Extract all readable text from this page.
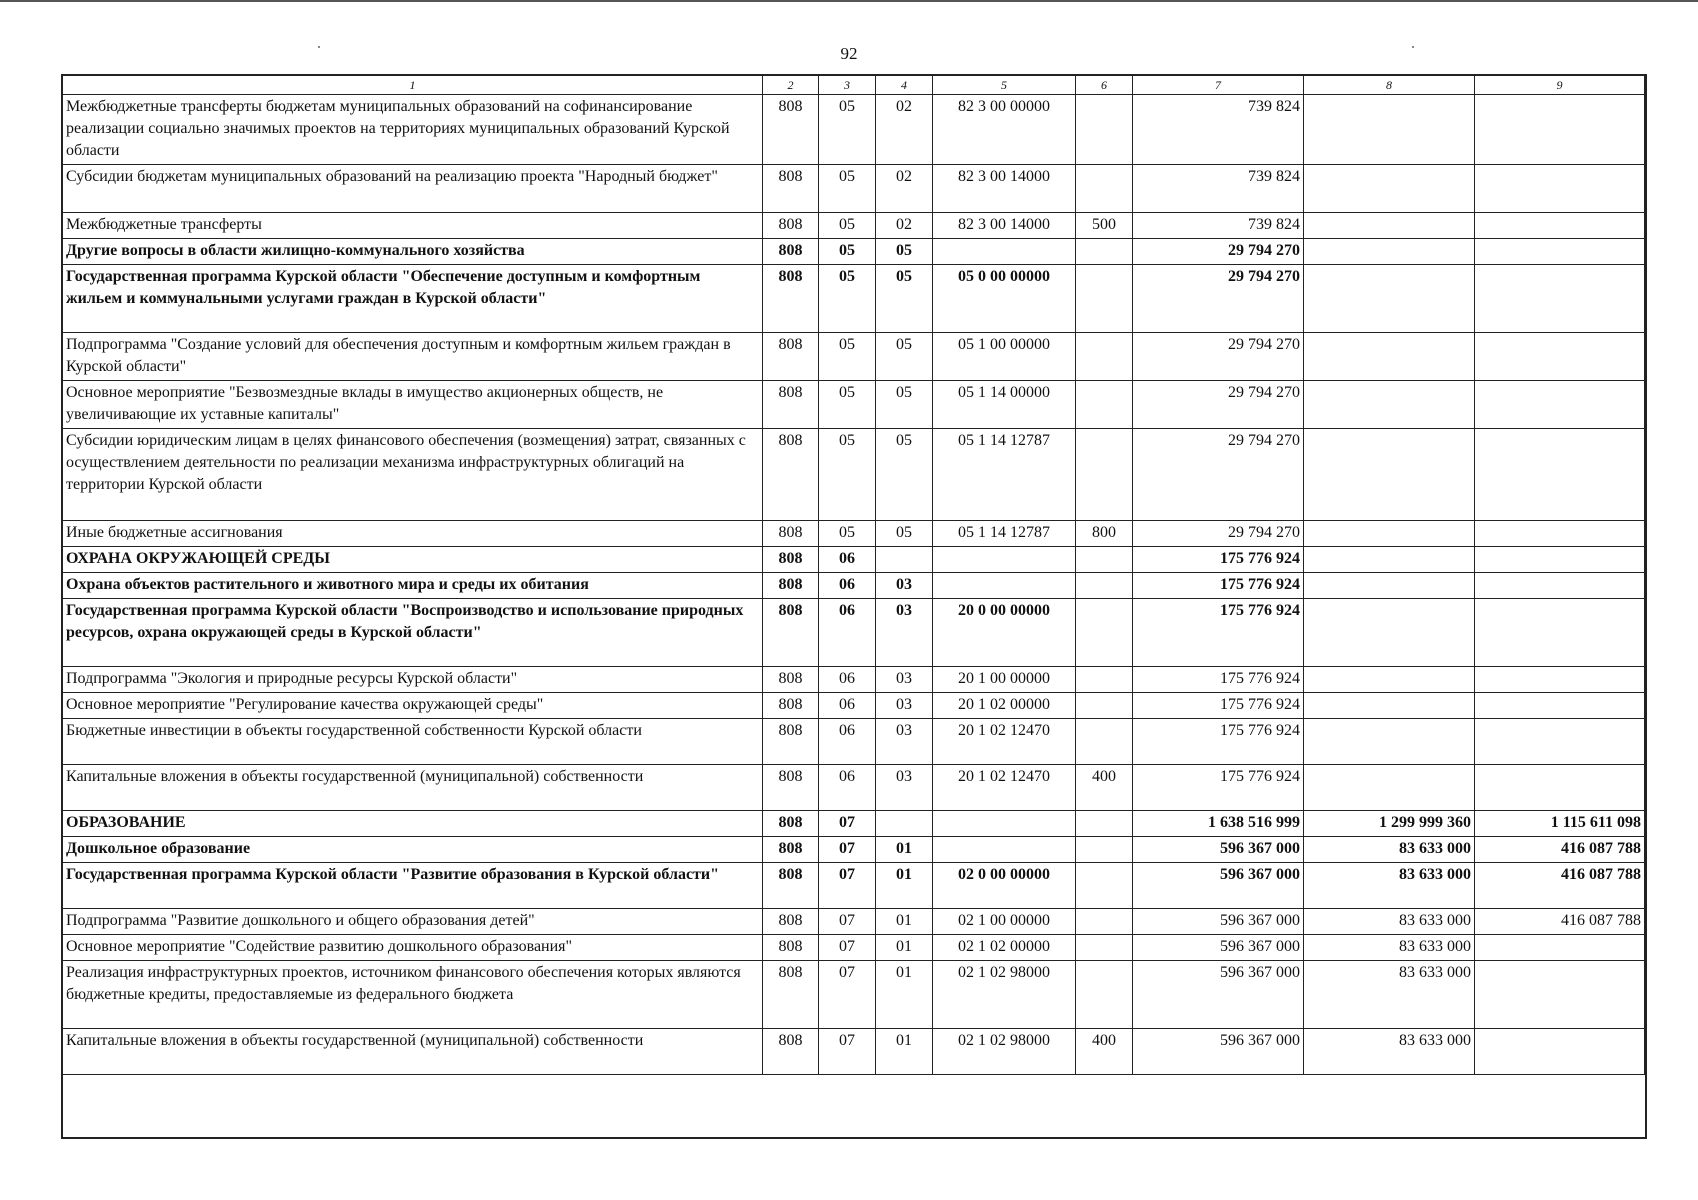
92
1	2	3	4	5	6	7	8	9
Межбюджетные трансферты бюджетам муниципальных образований на софинансирование реализации социально значимых проектов на территориях муниципальных образований Курской области	808	05	02	82 3 00 00000		739 824		
Субсидии бюджетам муниципальных образований на реализацию проекта "Народный бюджет"	808	05	02	82 3 00 14000		739 824		
Межбюджетные трансферты	808	05	02	82 3 00 14000	500	739 824		
Другие вопросы в области жилищно-коммунального хозяйства	808	05	05			29 794 270		
Государственная программа Курской области "Обеспечение доступным и комфортным жильем и коммунальными услугами граждан в Курской области"	808	05	05	05 0 00 00000		29 794 270		
Подпрограмма "Создание условий для обеспечения доступным и комфортным жильем граждан в Курской области"	808	05	05	05 1 00 00000		29 794 270		
Основное мероприятие "Безвозмездные вклады в имущество акционерных обществ, не увеличивающие их уставные капиталы"	808	05	05	05 1 14 00000		29 794 270		
Субсидии юридическим лицам в целях финансового обеспечения (возмещения) затрат, связанных с осуществлением деятельности по реализации механизма инфраструктурных облигаций на территории Курской области	808	05	05	05 1 14 12787		29 794 270		
Иные бюджетные ассигнования	808	05	05	05 1 14 12787	800	29 794 270		
ОХРАНА ОКРУЖАЮЩЕЙ СРЕДЫ	808	06				175 776 924		
Охрана объектов растительного и животного мира и среды их обитания	808	06	03			175 776 924		
Государственная программа Курской области "Воспроизводство и использование природных ресурсов, охрана окружающей среды в Курской области"	808	06	03	20 0 00 00000		175 776 924		
Подпрограмма "Экология и природные ресурсы Курской области"	808	06	03	20 1 00 00000		175 776 924		
Основное мероприятие "Регулирование качества окружающей среды"	808	06	03	20 1 02 00000		175 776 924		
Бюджетные инвестиции в объекты государственной собственности Курской области	808	06	03	20 1 02 12470		175 776 924		
Капитальные вложения в объекты государственной (муниципальной) собственности	808	06	03	20 1 02 12470	400	175 776 924		
ОБРАЗОВАНИЕ	808	07				1 638 516 999	1 299 999 360	1 115 611 098
Дошкольное образование	808	07	01			596 367 000	83 633 000	416 087 788
Государственная программа Курской области "Развитие образования в Курской области"	808	07	01	02 0 00 00000		596 367 000	83 633 000	416 087 788
Подпрограмма "Развитие дошкольного и общего образования детей"	808	07	01	02 1 00 00000		596 367 000	83 633 000	416 087 788
Основное мероприятие "Содействие развитию дошкольного образования"	808	07	01	02 1 02 00000		596 367 000	83 633 000	
Реализация инфраструктурных проектов, источником финансового обеспечения которых являются бюджетные кредиты, предоставляемые из федерального бюджета	808	07	01	02 1 02 98000		596 367 000	83 633 000	
Капитальные вложения в объекты государственной (муниципальной) собственности	808	07	01	02 1 02 98000	400	596 367 000	83 633 000	
